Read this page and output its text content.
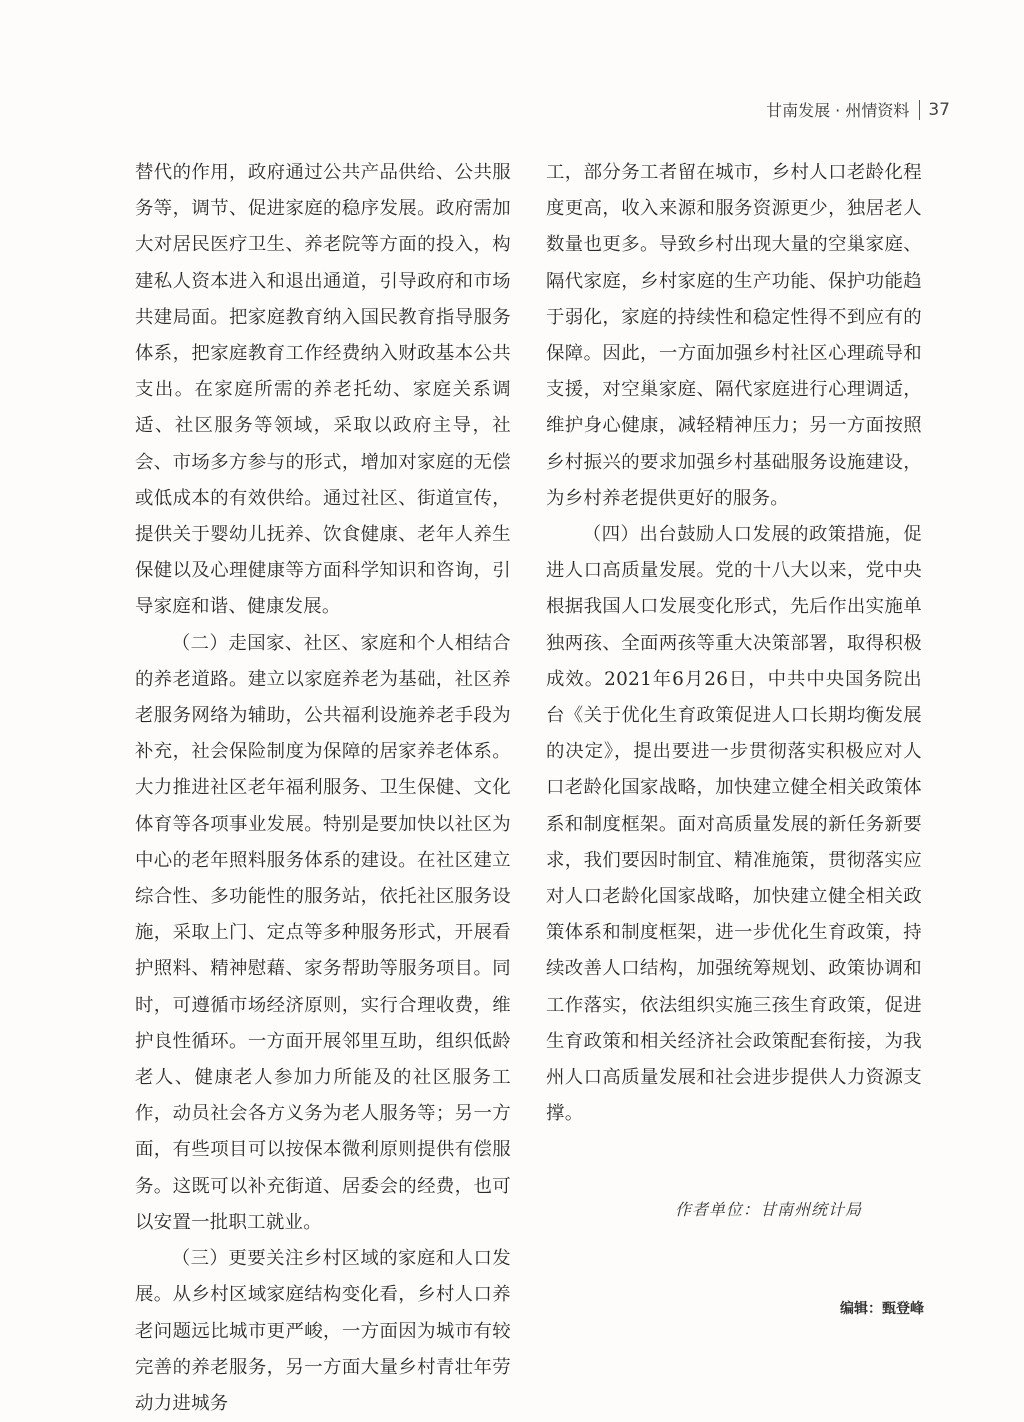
甘南发展 · 州情资料 37

替代的作用，政府通过公共产品供给、公共服务等，调节、促进家庭的稳序发展。政府需加大对居民医疗卫生、养老院等方面的投入，构建私人资本进入和退出通道，引导政府和市场共建局面。把家庭教育纳入国民教育指导服务体系，把家庭教育工作经费纳入财政基本公共支出。在家庭所需的养老托幼、家庭关系调适、社区服务等领域，采取以政府主导，社会、市场多方参与的形式，增加对家庭的无偿或低成本的有效供给。通过社区、街道宣传，提供关于婴幼儿抚养、饮食健康、老年人养生保健以及心理健康等方面科学知识和咨询，引导家庭和谐、健康发展。

（二）走国家、社区、家庭和个人相结合的养老道路。建立以家庭养老为基础，社区养老服务网络为辅助，公共福利设施养老手段为补充，社会保险制度为保障的居家养老体系。大力推进社区老年福利服务、卫生保健、文化体育等各项事业发展。特别是要加快以社区为中心的老年照料服务体系的建设。在社区建立综合性、多功能性的服务站，依托社区服务设施，采取上门、定点等多种服务形式，开展看护照料、精神慰藉、家务帮助等服务项目。同时，可遵循市场经济原则，实行合理收费，维护良性循环。一方面开展邻里互助，组织低龄老人、健康老人参加力所能及的社区服务工作，动员社会各方义务为老人服务等；另一方面，有些项目可以按保本微利原则提供有偿服务。这既可以补充街道、居委会的经费，也可以安置一批职工就业。

（三）更要关注乡村区域的家庭和人口发展。从乡村区域家庭结构变化看，乡村人口养老问题远比城市更严峻，一方面因为城市有较完善的养老服务，另一方面大量乡村青壮年劳动力进城务

工，部分务工者留在城市，乡村人口老龄化程度更高，收入来源和服务资源更少，独居老人数量也更多。导致乡村出现大量的空巢家庭、隔代家庭，乡村家庭的生产功能、保护功能趋于弱化，家庭的持续性和稳定性得不到应有的保障。因此，一方面加强乡村社区心理疏导和支援，对空巢家庭、隔代家庭进行心理调适，维护身心健康，减轻精神压力；另一方面按照乡村振兴的要求加强乡村基础服务设施建设，为乡村养老提供更好的服务。

（四）出台鼓励人口发展的政策措施，促进人口高质量发展。党的十八大以来，党中央根据我国人口发展变化形式，先后作出实施单独两孩、全面两孩等重大决策部署，取得积极成效。2021年6月26日，中共中央国务院出台《关于优化生育政策促进人口长期均衡发展的决定》，提出要进一步贯彻落实积极应对人口老龄化国家战略，加快建立健全相关政策体系和制度框架。面对高质量发展的新任务新要求，我们要因时制宜、精准施策，贯彻落实应对人口老龄化国家战略，加快建立健全相关政策体系和制度框架，进一步优化生育政策，持续改善人口结构，加强统筹规划、政策协调和工作落实，依法组织实施三孩生育政策，促进生育政策和相关经济社会政策配套衔接，为我州人口高质量发展和社会进步提供人力资源支撑。

作者单位：甘南州统计局
编辑：甄登峰
